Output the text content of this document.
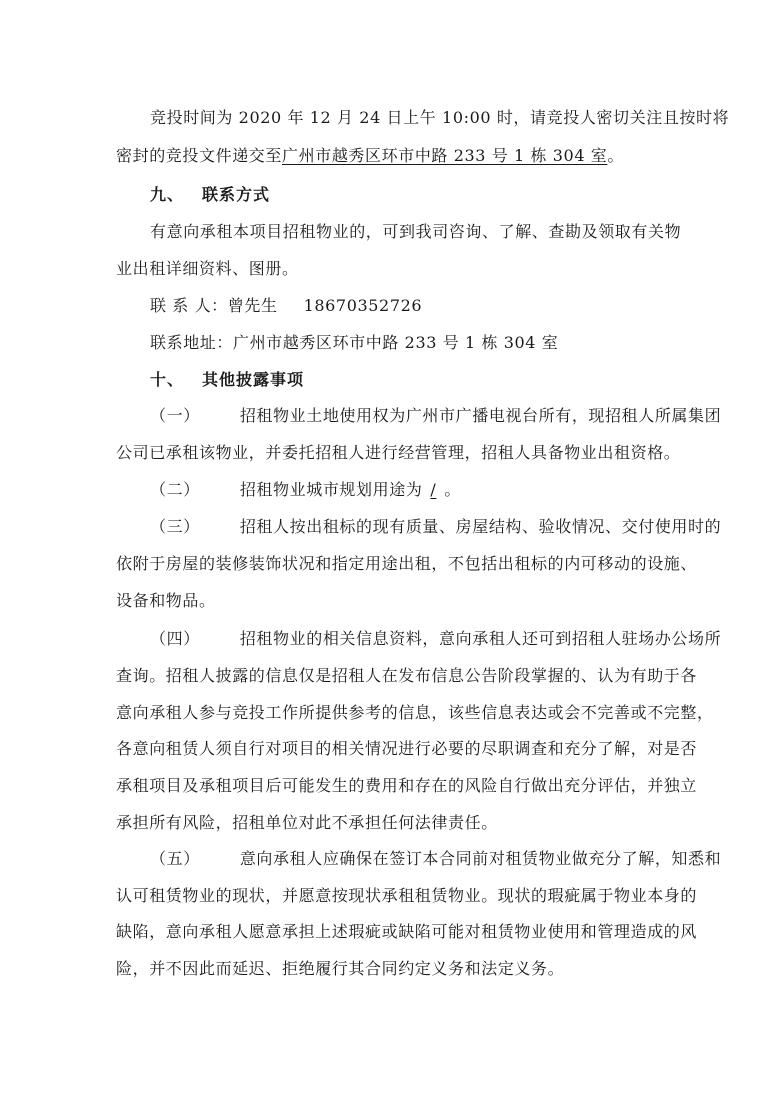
竞投时间为 2020 年 12 月 24 日上午 10:00 时，请竞投人密切关注且按时将
密封的竞投文件递交至广州市越秀区环市中路 233 号 1 栋 304 室。
九、 联系方式
有意向承租本项目招租物业的，可到我司咨询、了解、查勘及领取有关物
业出租详细资料、图册。
联 系 人：曾先生 18670352726
联系地址：广州市越秀区环市中路 233 号 1 栋 304 室
十、 其他披露事项
（一）	招租物业土地使用权为广州市广播电视台所有，现招租人所属集团
公司已承租该物业，并委托招租人进行经营管理，招租人具备物业出租资格。
（二）	招租物业城市规划用途为 / 。
（三）	招租人按出租标的现有质量、房屋结构、验收情况、交付使用时的
依附于房屋的装修装饰状况和指定用途出租，不包括出租标的内可移动的设施、
设备和物品。
（四）	招租物业的相关信息资料，意向承租人还可到招租人驻场办公场所
查询。招租人披露的信息仅是招租人在发布信息公告阶段掌握的、认为有助于各
意向承租人参与竞投工作所提供参考的信息，该些信息表达或会不完善或不完整，
各意向租赁人须自行对项目的相关情况进行必要的尽职调查和充分了解，对是否
承租项目及承租项目后可能发生的费用和存在的风险自行做出充分评估，并独立
承担所有风险，招租单位对此不承担任何法律责任。
（五）	意向承租人应确保在签订本合同前对租赁物业做充分了解，知悉和
认可租赁物业的现状，并愿意按现状承租租赁物业。现状的瑕疵属于物业本身的
缺陷，意向承租人愿意承担上述瑕疵或缺陷可能对租赁物业使用和管理造成的风
险，并不因此而延迟、拒绝履行其合同约定义务和法定义务。
